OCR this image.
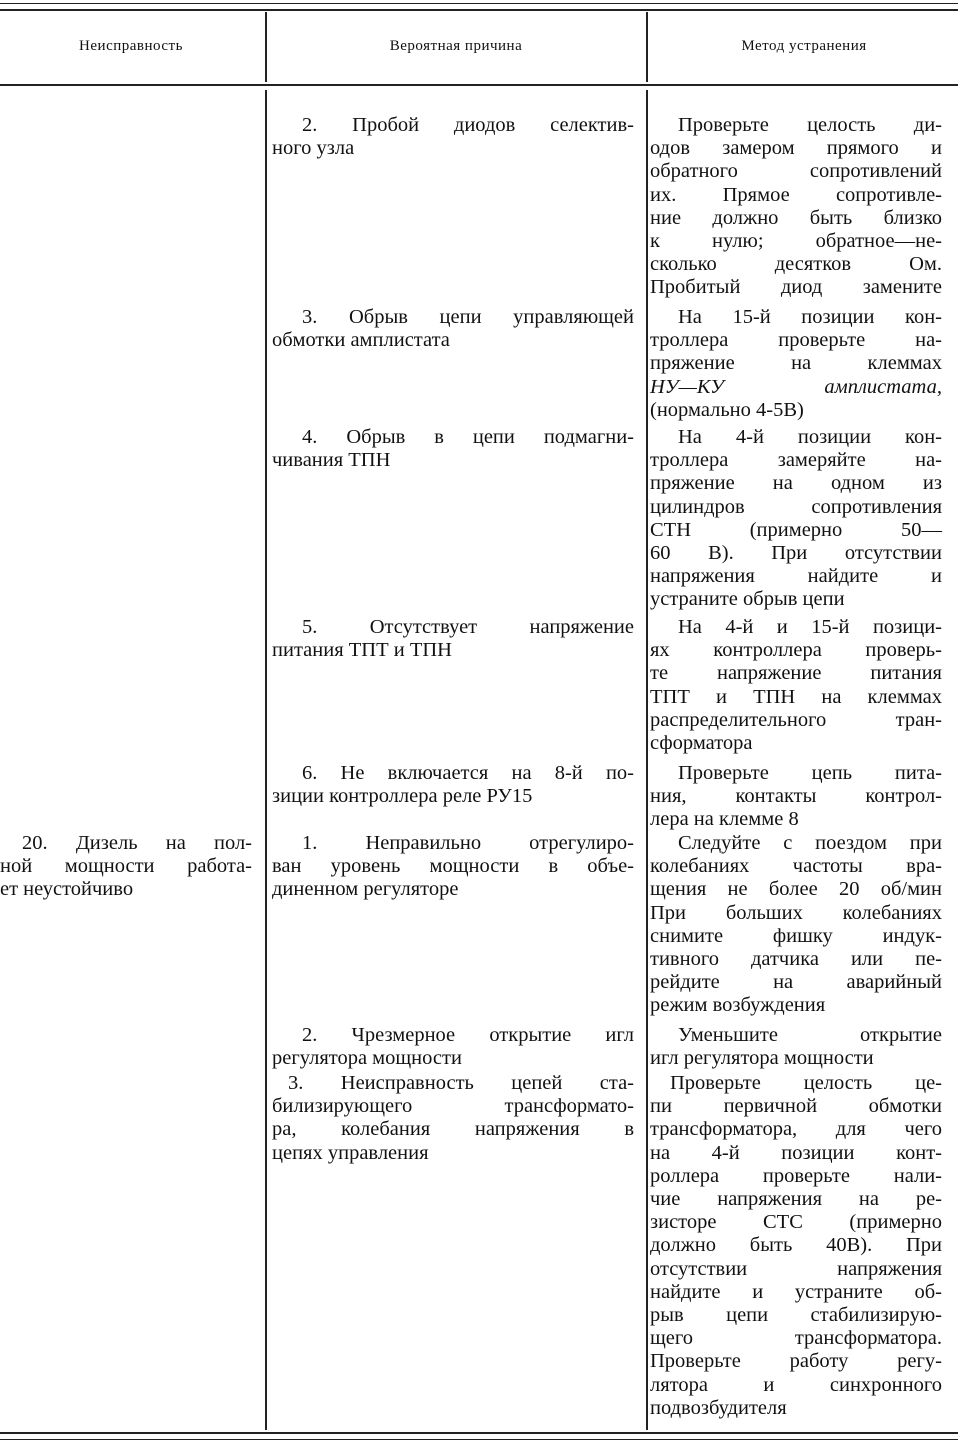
Неисправность	Вероятная причина	Метод устранения
2. Пробой диодов селектив-
ного узла
Проверьте целость ди-
одов замером прямого и
обратного сопротивлений
их. Прямое сопротивле-
ние должно быть близко
к нулю; обратное—не-
сколько десятков Ом.
Пробитый диод замените
3. Обрыв цепи управляющей
обмотки амплистата
На 15-й позиции кон-
троллера проверьте на-
пряжение на клеммах
НУ—КУ амплистата,
(нормально 4-5В)
4. Обрыв в цепи подмагни-
чивания ТПН
На 4-й позиции кон-
троллера замеряйте на-
пряжение на одном из
цилиндров сопротивления
СТН (примерно 50—
60 В). При отсутствии
напряжения найдите и
устраните обрыв цепи
5. Отсутствует напряжение
питания ТПТ и ТПН
На 4-й и 15-й позици-
ях контроллера проверь-
те напряжение питания
ТПТ и ТПН на клеммах
распределительного тран-
сформатора
6. Не включается на 8-й по-
зиции контроллера реле РУ15
Проверьте цепь пита-
ния, контакты контрол-
лера на клемме 8
20. Дизель на пол-
ной мощности работа-
ет неустойчиво
1. Неправильно отрегулиро-
ван уровень мощности в объе-
диненном регуляторе
Следуйте с поездом при
колебаниях частоты вра-
щения не более 20 об/мин
При больших колебаниях
снимите фишку индук-
тивного датчика или пе-
рейдите на аварийный
режим возбуждения
2. Чрезмерное открытие игл
регулятора мощности
Уменьшите открытие
игл регулятора мощности
3. Неисправность цепей ста-
билизирующего трансформато-
ра, колебания напряжения в
цепях управления
Проверьте целость це-
пи первичной обмотки
трансформатора, для чего
на 4-й позиции конт-
роллера проверьте нали-
чие напряжения на ре-
зисторе СТС (примерно
должно быть 40В). При
отсутствии напряжения
найдите и устраните об-
рыв цепи стабилизирую-
щего трансформатора.
Проверьте работу регу-
лятора и синхронного
подвозбудителя
